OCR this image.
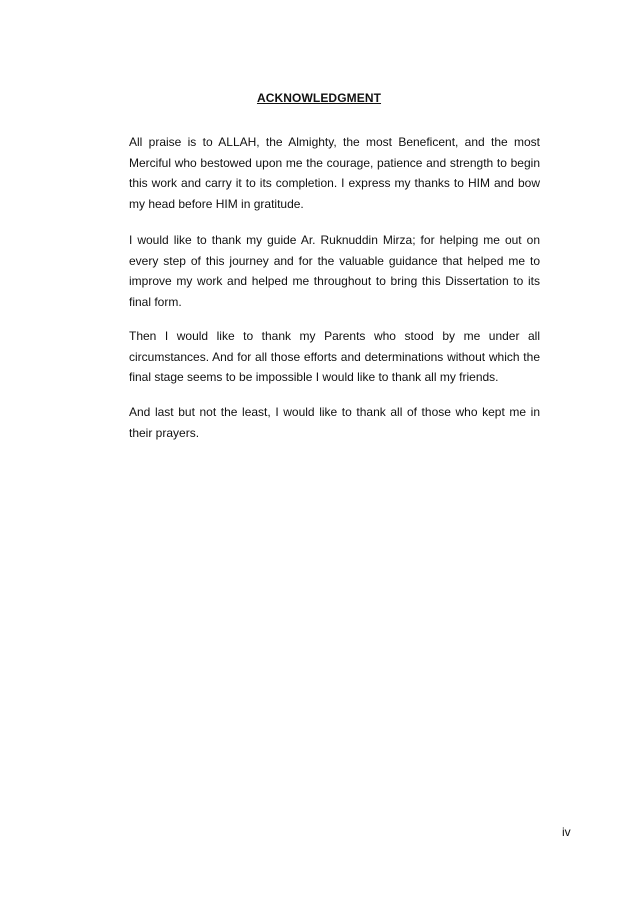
ACKNOWLEDGMENT

All praise is to ALLAH, the Almighty, the most Beneficent, and the most Merciful who bestowed upon me the courage, patience and strength to begin this work and carry it to its completion. I express my thanks to HIM and bow my head before HIM in gratitude.

I would like to thank my guide Ar. Ruknuddin Mirza; for helping me out on every step of this journey and for the valuable guidance that helped me to improve my work and helped me throughout to bring this Dissertation to its final form.

Then I would like to thank my Parents who stood by me under all circumstances. And for all those efforts and determinations without which the final stage seems to be impossible I would like to thank all my friends.

And last but not the least, I would like to thank all of those who kept me in their prayers.

iv
